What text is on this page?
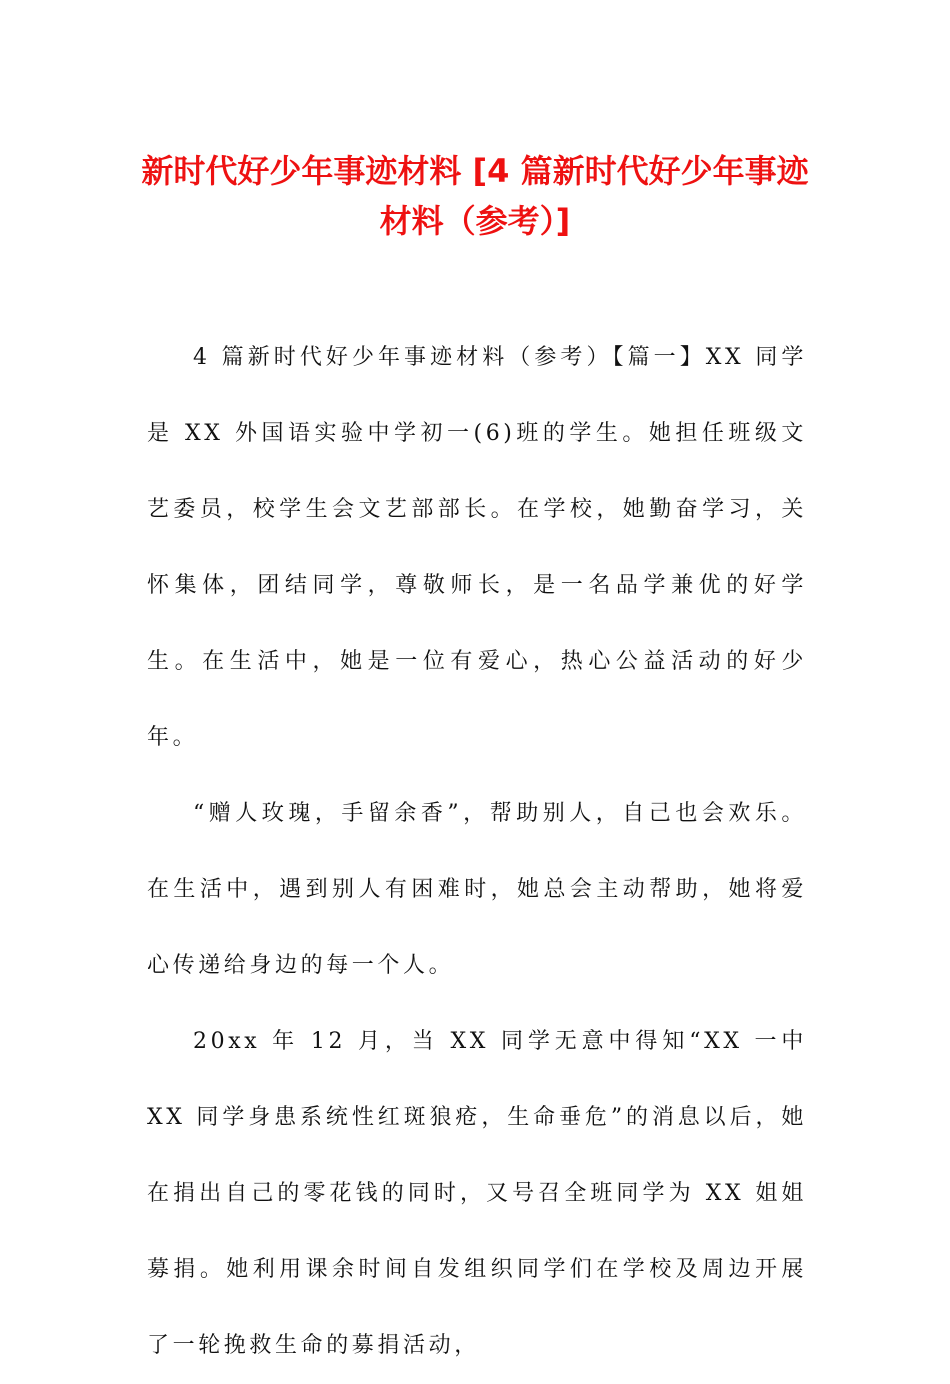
新时代好少年事迹材料 [4 篇新时代好少年事迹材料（参考）]

4 篇新时代好少年事迹材料（参考）【篇一】XX 同学是 XX 外国语实验中学初一(6)班的学生。她担任班级文艺委员，校学生会文艺部部长。在学校，她勤奋学习，关怀集体，团结同学，尊敬师长，是一名品学兼优的好学生。在生活中，她是一位有爱心，热心公益活动的好少年。

“赠人玫瑰，手留余香”，帮助别人，自己也会欢乐。在生活中，遇到别人有困难时，她总会主动帮助，她将爱心传递给身边的每一个人。

20xx 年 12 月，当 XX 同学无意中得知“XX 一中 XX 同学身患系统性红斑狼疮，生命垂危”的消息以后，她在捐出自己的零花钱的同时，又号召全班同学为 XX 姐姐募捐。她利用课余时间自发组织同学们在学校及周边开展了一轮挽救生命的募捐活动，
